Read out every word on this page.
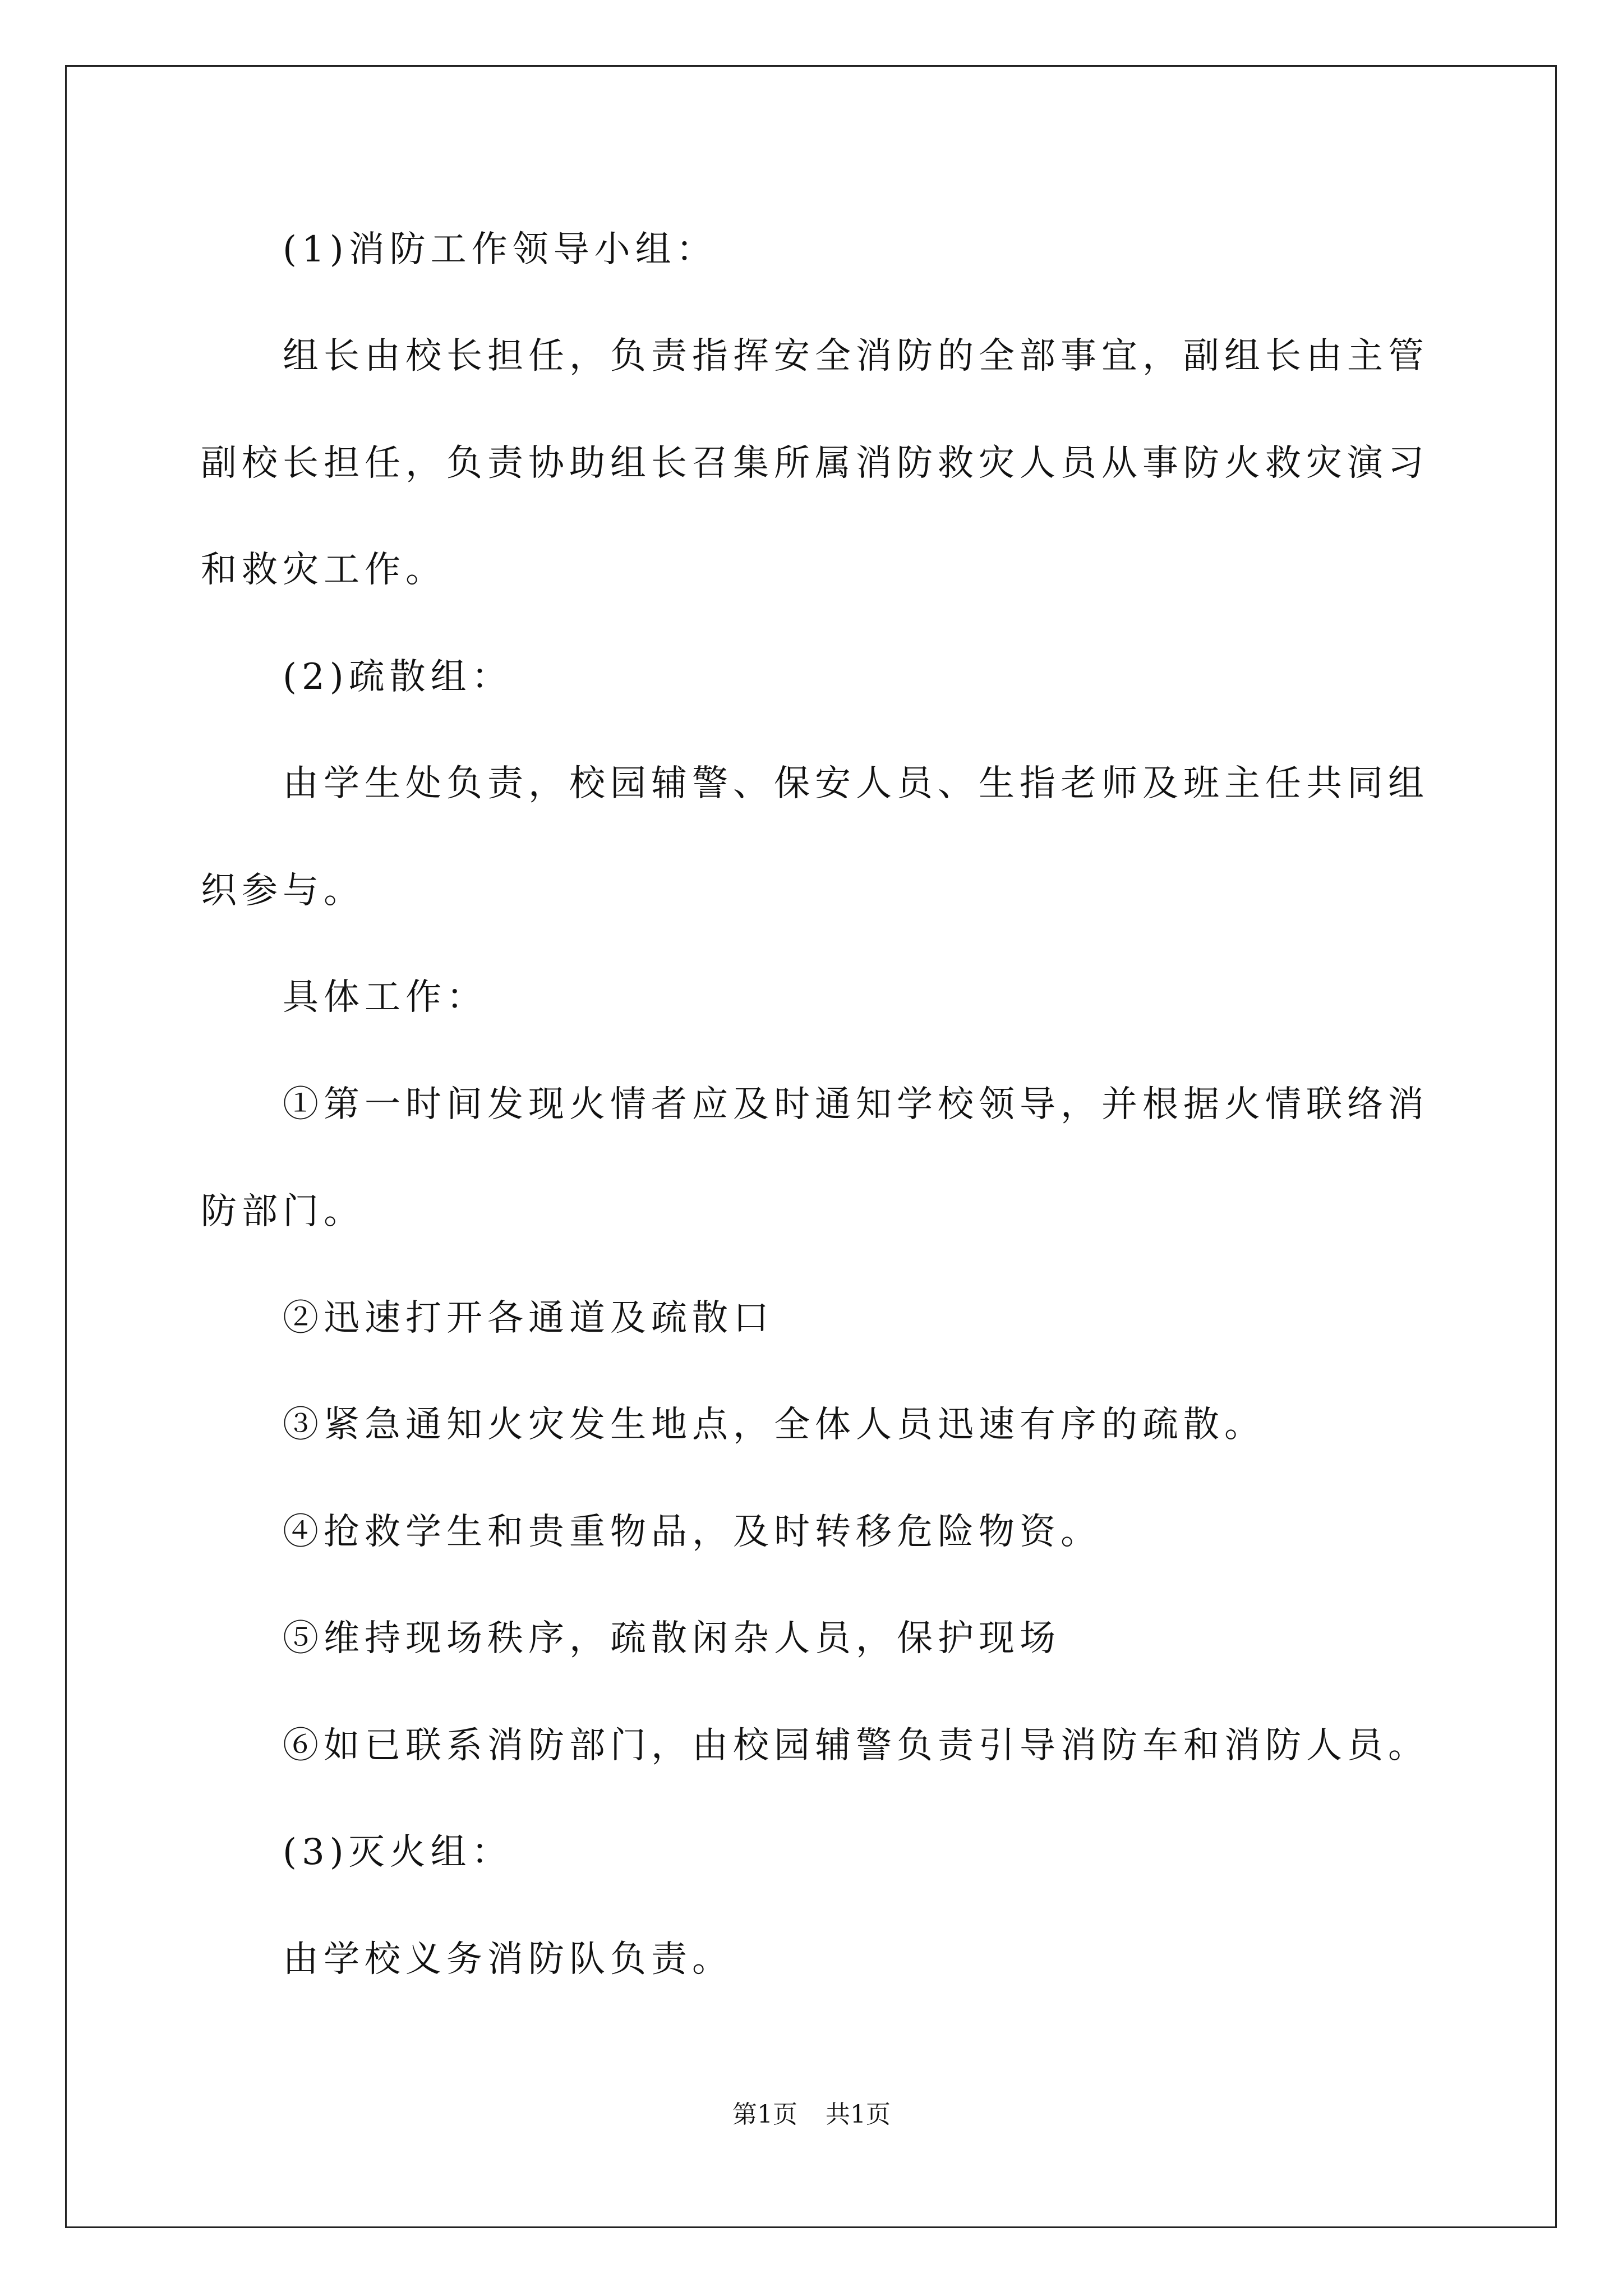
(1)消防工作领导小组：
组长由校长担任，负责指挥安全消防的全部事宜，副组长由主管
副校长担任，负责协助组长召集所属消防救灾人员从事防火救灾演习
和救灾工作。
(2)疏散组：
由学生处负责，校园辅警、保安人员、生指老师及班主任共同组
织参与。
具体工作：
①第一时间发现火情者应及时通知学校领导，并根据火情联络消
防部门。
②迅速打开各通道及疏散口
③紧急通知火灾发生地点，全体人员迅速有序的疏散。
④抢救学生和贵重物品，及时转移危险物资。
⑤维持现场秩序，疏散闲杂人员，保护现场
⑥如已联系消防部门，由校园辅警负责引导消防车和消防人员。
(3)灭火组：
由学校义务消防队负责。
第1页 共1页
